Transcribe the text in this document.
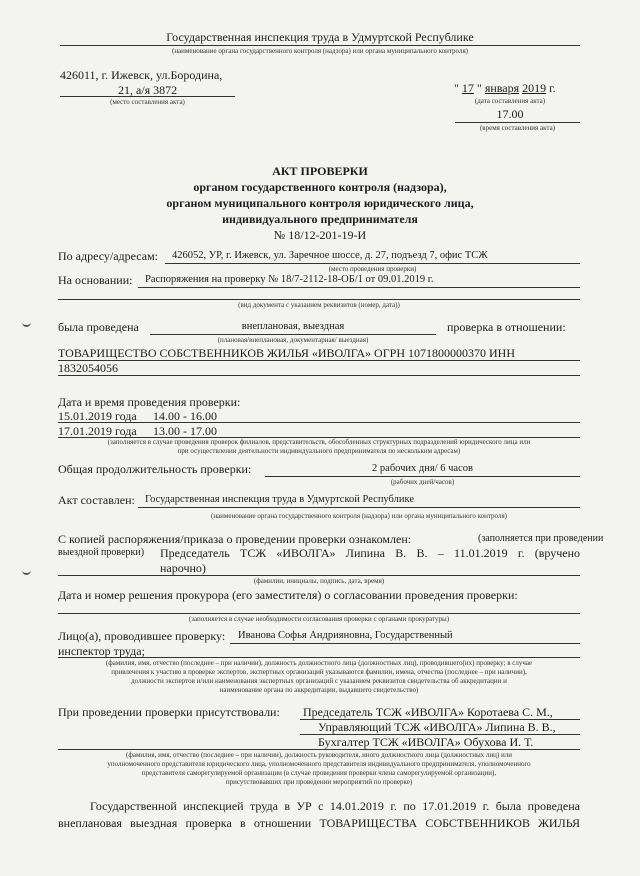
Государственная инспекция труда в Удмуртской Республике
(наименование органа государственного контроля (надзора) или органа муниципального контроля)
426011, г. Ижевск, ул.Бородина,
21, а/я 3872
(место составления акта)
" 17 " января 2019 г.
(дата составления акта)
17.00
(время составления акта)
АКТ ПРОВЕРКИ
органом государственного контроля (надзора),
органом муниципального контроля юридического лица,
индивидуального предпринимателя
№ 18/12-201-19-И
По адресу/адресам: 426052, УР, г. Ижевск, ул. Заречное шоссе, д. 27, подъезд 7, офис ТСЖ
(место проведения проверки)
На основании: Распоряжения на проверку № 18/7-2112-18-ОБ/1 от 09.01.2019 г.
(вид документа с указанием реквизитов (номер, дата))
была проведена	внеплановая, выездная	проверка в отношении:
(плановая/внеплановая, документарная/ выездная)
ТОВАРИЩЕСТВО СОБСТВЕННИКОВ ЖИЛЬЯ «ИВОЛГА» ОГРН 1071800000370 ИНН
1832054056
Дата и время проведения проверки:
15.01.2019 года 14.00 - 16.00
17.01.2019 года 13.00 - 17.00
(заполняется в случае проведения проверок филиалов, представительств, обособленных структурных подразделений юридического лица или
при осуществлении деятельности индивидуального предпринимателя по нескольким адресам)
Общая продолжительность проверки:	2 рабочих дня/ 6 часов
(рабочих дней/часов)
Акт составлен: Государственная инспекция труда в Удмуртской Республике
(наименование органа государственного контроля (надзора) или органа муниципального контроля)
С копией распоряжения/приказа о проведении проверки ознакомлен:	(заполняется при проведении
выездной проверки) Председатель ТСЖ «ИВОЛГА» Липина В. В. – 11.01.2019 г. (вручено
нарочно)
(фамилии, инициалы, подпись, дата, время)
Дата и номер решения прокурора (его заместителя) о согласовании проведения проверки:
(заполняется в случае необходимости согласования проверки с органами прокуратуры)
Лицо(а), проводившее проверку: Иванова Софья Андрияновна, Государственный
инспектор труда;
(фамилия, имя, отчество (последнее – при наличии), должность должностного лица (должностных лиц), проводившего(их) проверку; в случае
привлечения к участию в проверке экспертов, экспертных организаций указываются фамилии, имена, отчества (последнее – при наличии),
должности экспертов и/или наименования экспертных организаций с указанием реквизитов свидетельства об аккредитации и
наименование органа по аккредитации, выдавшего свидетельство)
При проведении проверки присутствовали: Председатель ТСЖ «ИВОЛГА» Коротаева С. М.,
Управляющий ТСЖ «ИВОЛГА» Липина В. В.,
Бухгалтер ТСЖ «ИВОЛГА» Обухова И. Т.
(фамилия, имя, отчество (последнее – при наличии), должность руководителя, иного должностного лица (должностных лиц) или
уполномоченного представителя юридического лица, уполномоченного представителя индивидуального предпринимателя, уполномоченного
представителя саморегулируемой организации (в случае проведения проверки члена саморегулируемой организации),
присутствовавших при проведении мероприятий по проверке)
Государственной инспекцией труда в УР с 14.01.2019 г. по 17.01.2019 г. была проведена
внеплановая выездная проверка в отношении ТОВАРИЩЕСТВА СОБСТВЕННИКОВ ЖИЛЬЯ
